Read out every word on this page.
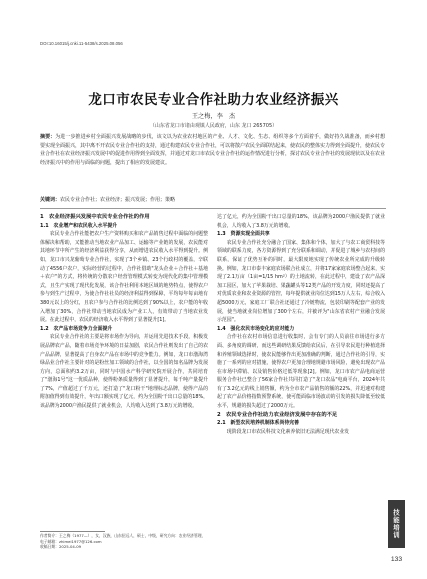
DOI:10.16015/j.cnki.11-5438/s.2025.08.056
龙口市农民专业合作社助力农业经济振兴
王之梅，李　杰
（山东省龙口市诸由观镇人民政府，山东 龙口 265705）
摘要：为进一步推进乡村全面振兴发展战略的步伐，该文以为农业农村地区的产业、人才、文化、生态、组织等多个方面着手，做好持久战准备，而乡村想要实现全面振兴，其中离不开农民专业合作社的支持，通过构建农民专业合作社，可以将散户农民全面联结起来，使农民的整体实力得到全面提升，使农民专业合作社在农业经济振兴发展中的促进作用得到全面发挥，并通过对龙口市农民专业合作社的运作情况进行分析，探讨农民专业合作社的发展现状以及在农业经济振兴中的作用与面临的问题，提出了相应的发展建议。
关键词：农民专业合作社；农业经济；振兴发展；作用；策略
1　农业经济振兴发展中农民专业合作社的作用
1.1　农业增产和农民收入水平提升

农民专业合作社能把农户生产资料购买和农产品销售过程中面临的问题整体解决和帮助，又能推动当地农业产品加工、运输等产业链的发展，农民能对其地环节中所产生的经济利益获得分享，从而增进农民收入水平得到提升。例如，龙口市兴龙葡萄专业合作社，实现了3个乡镇、23个行政村的覆盖，辛联动了4556户农户，实际经营的过程中，合作社借助"龙头企业＋合作社＋基地＋农户"的方式，将传统的分散农户经营管理模式转变为现代化的集中管理模式，且生产实现了现代化发展，该合作社利用本地区域的地势特点，使得农户参与到生产过程中，为使合作社社员的经济利益得到保障，平均每年每亩地有380元以上的分红，且农户参与合作社的比例达到了90%以上，农户能的年收入增加了30%，合作社带动当地农民成为产业工人，有效带动了当地农业发展。在此过程中，农民的经济收入水平得到了显著提升[1]。

1.2　农产品市场竞争力全面提升

农民专业合作社的主要是将市场作为导向，并运用先进技术手段，积极发展品牌农产品，随着市场竞争环境的日益加剧，农民合作社则发出了自己的农产品品牌，显著提高了自身农产品在市场中的竞争能力。例如，龙口市渤海湾绿品业合作社主要针对的是粉丝加工领域的合作社，以全国的知名品牌为发展方向，总面积约3.2万亩，同时与中国水产科学研究院开展合作，共同培育了"渤海1号"这一优质品种，使得粉条质量得到了显著提升，每千吨产量提升了7%，产值超过了千万元，还打造了"龙口粉干"地理标志品牌，使得产品的附加值得到有效提升，年出口额实现了亿元，约为全国粉干出口总量的18%，该品牌为2000户渔民提供了就业机会，人均收入达到了3.8万元的增收。

作者简介：王之梅（1977—），女，汉族，山东招远人，硕士，中级，研究方向：农业经济管理，电子邮箱：zhimei1977@126.com
收稿日期：2025-04-09

达了亿元，约为全国粉干出口总量的18%，该品牌为2000户渔民提供了就业机会，人均收入了3.8万元的增收。

1.3　资源实现全面共享

农民专业合作社充分融合了国家、集体和个体，加大了与农工商贸科技等领域的联系力度，各方资源得到了充分联系和调动，并促进了城乡与农村间的联系，保证了优势互补的同时，最大限度地实现了传统农业所完成的升级转换。例如，龙口市泰丰家庭农场联合社成立，并将17家家庭农场整合起来，实现了2.1万亩（1亩=1/15 hm²）的土地流转，在此过程中，建设了农产品深加工园区，加大了苹果栽培、果蔬罐头等12类产品的开发力度，同时还提高了对优质农业和农业资源的管控，每年提供就业岗位达到15万人左右，综合收入超5000万元，家庭工厂联合社还通过了冷链物流，包装印刷等配套产业的发展，使当地就业岗位增加了300个左右，并被评为"山东省农村产业融合发展示范园"。

1.4　强化农民市场变化的应对能力

合作社在农村市场信息进行收集时，会有专门的人员前往市场进行多方面、多角度的调研，而这些调研结果反馈给农民后，在引导农民进行种植选择和养殖领域选择时，使农民能够作出更加准确的判断，通过合作社的引导，实施了一系列的应对措施，使得农户更加合理地规避市场风险，避免出现农产品在市场中滞销、以及销售价格过低等现象[2]。例如，龙口市农产品电商运营服务合作社已整合了56家合作社共同打造了"龙口农品"电商平台，2024年共有了3.2亿元的线上销售额，约为全市农产品销售的额的22%，并迅速对构建起了农产品价格指数预警系统，使可能面临市场波动的引发的损失降低至较低水平，规避的损失超过了2000万元。

2　农民专业合作社助力农业经济发展中存在的不足
2.1　新型农民培养机制体系尚待完善

现阶段龙口市农民科技文化素养依旧无法满足现代农业发

技能培训
133
